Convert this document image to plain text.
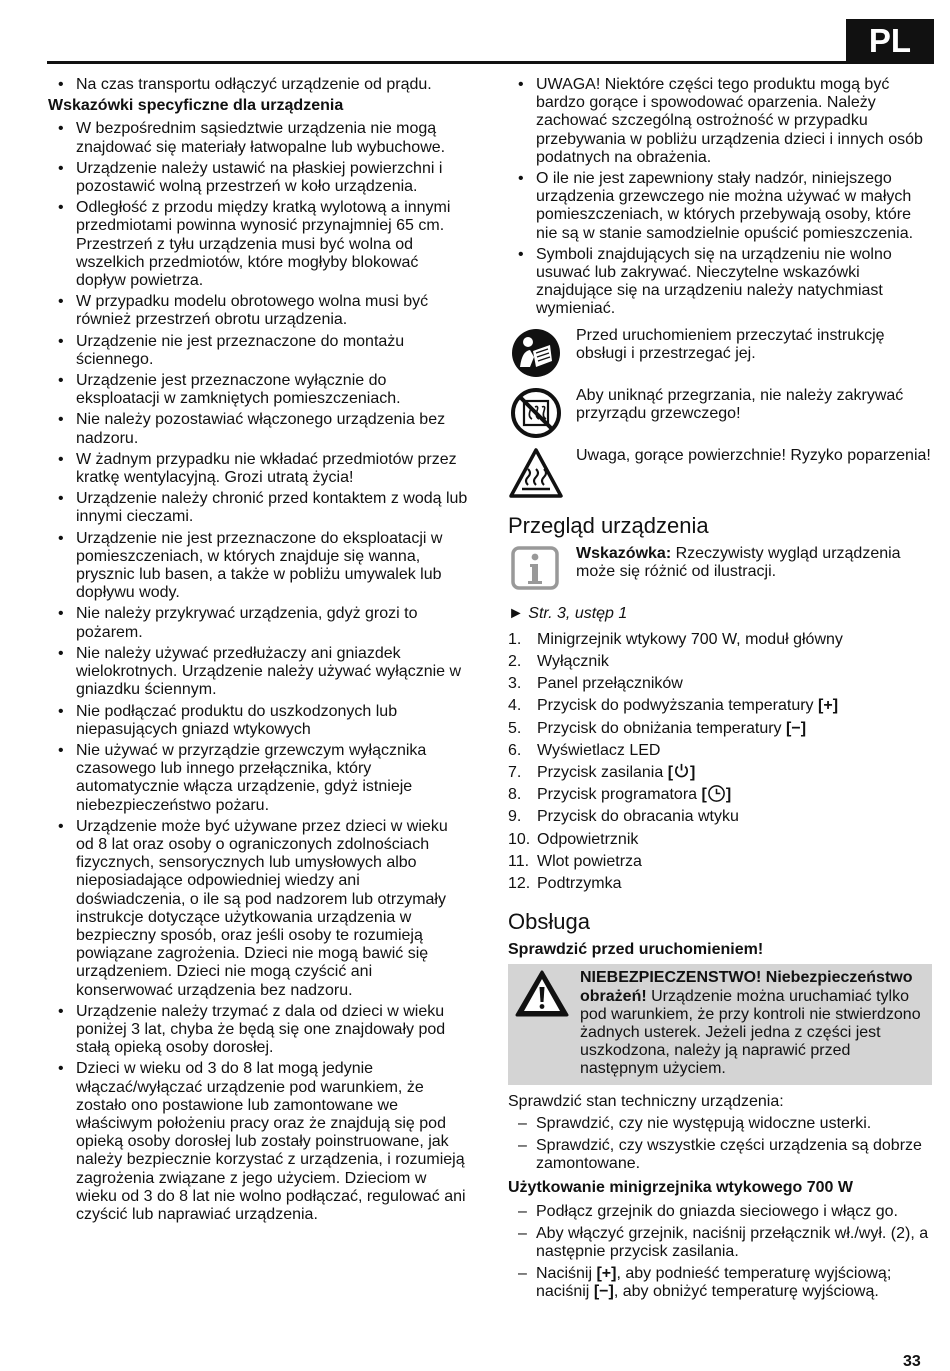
PL
• Na czas transportu odłączyć urządzenie od prądu.
Wskazówki specyficzne dla urządzenia
• W bezpośrednim sąsiedztwie urządzenia nie mogą znajdować się materiały łatwopalne lub wybuchowe.
• Urządzenie należy ustawić na płaskiej powierzchni i pozostawić wolną przestrzeń w koło urządzenia.
• Odległość z przodu między kratką wylotową a innymi przedmiotami powinna wynosić przynajmniej 65 cm. Przestrzeń z tyłu urządzenia musi być wolna od wszelkich przedmiotów, które mogłyby blokować dopływ powietrza.
• W przypadku modelu obrotowego wolna musi być również przestrzeń obrotu urządzenia.
• Urządzenie nie jest przeznaczone do montażu ściennego.
• Urządzenie jest przeznaczone wyłącznie do eksploatacji w zamkniętych pomieszczeniach.
• Nie należy pozostawiać włączonego urządzenia bez nadzoru.
• W żadnym przypadku nie wkładać przedmiotów przez kratkę wentylacyjną. Grozi utratą życia!
• Urządzenie należy chronić przed kontaktem z wodą lub innymi cieczami.
• Urządzenie nie jest przeznaczone do eksploatacji w pomieszczeniach, w których znajduje się wanna, prysznic lub basen, a także w pobliżu umywalek lub dopływu wody.
• Nie należy przykrywać urządzenia, gdyż grozi to pożarem.
• Nie należy używać przedłużaczy ani gniazdek wielokrotnych. Urządzenie należy używać wyłącznie w gniazdku ściennym.
• Nie podłączać produktu do uszkodzonych lub niepasujących gniazd wtykowych
• Nie używać w przyrządzie grzewczym wyłącznika czasowego lub innego przełącznika, który automatycznie włącza urządzenie, gdyż istnieje niebezpieczeństwo pożaru.
• Urządzenie może być używane przez dzieci w wieku od 8 lat oraz osoby o ograniczonych zdolnościach fizycznych, sensorycznych lub umysłowych albo nieposiadające odpowiedniej wiedzy ani doświadczenia, o ile są pod nadzorem lub otrzymały instrukcje dotyczące użytkowania urządzenia w bezpieczny sposób, oraz jeśli osoby te rozumieją powiązane zagrożenia. Dzieci nie mogą bawić się urządzeniem. Dzieci nie mogą czyścić ani konserwować urządzenia bez nadzoru.
• Urządzenie należy trzymać z dala od dzieci w wieku poniżej 3 lat, chyba że będą się one znajdowały pod stałą opieką osoby dorosłej.
• Dzieci w wieku od 3 do 8 lat mogą jedynie włączać/wyłączać urządzenie pod warunkiem, że zostało ono postawione lub zamontowane we właściwym położeniu pracy oraz że znajdują się pod opieką osoby dorosłej lub zostały poinstruowane, jak należy bezpiecznie korzystać z urządzenia, i rozumieją zagrożenia związane z jego użyciem. Dzieciom w wieku od 3 do 8 lat nie wolno podłączać, regulować ani czyścić lub naprawiać urządzenia.
• UWAGA! Niektóre części tego produktu mogą być bardzo gorące i spowodować oparzenia. Należy zachować szczególną ostrożność w przypadku przebywania w pobliżu urządzenia dzieci i innych osób podatnych na obrażenia.
• O ile nie jest zapewniony stały nadzór, niniejszego urządzenia grzewczego nie można używać w małych pomieszczeniach, w których przebywają osoby, które nie są w stanie samodzielnie opuścić pomieszczenia.
• Symboli znajdujących się na urządzeniu nie wolno usuwać lub zakrywać. Nieczytelne wskazówki znajdujące się na urządzeniu należy natychmiast wymieniać.
Przed uruchomieniem przeczytać instrukcję obsługi i przestrzegać jej.
Aby uniknąć przegrzania, nie należy zakrywać przyrządu grzewczego!
Uwaga, gorące powierzchnie! Ryzyko poparzenia!
Przegląd urządzenia
Wskazówka: Rzeczywisty wygląd urządzenia może się różnić od ilustracji.
► Str. 3, ustęp 1
1. Minigrzejnik wtykowy 700 W, moduł główny
2. Wyłącznik
3. Panel przełączników
4. Przycisk do podwyższania temperatury
[+]
5. Przycisk do obniżania temperatury
[−]
6. Wyświetlacz LED
7. Przycisk zasilania
[ ]
8. Przycisk programatora
[ ]
9. Przycisk do obracania wtyku
10. Odpowietrznik
11. Wlot powietrza
12. Podtrzymka
Obsługa
Sprawdzić przed uruchomieniem!
NIEBEZPIECZENSTWO! Niebezpieczeństwo obrażeń! Urządzenie można uruchamiać tylko pod warunkiem, że przy kontroli nie stwierdzono żadnych usterek. Jeżeli jedna z części jest uszkodzona, należy ją naprawić przed następnym użyciem.
Sprawdzić stan techniczny urządzenia:
– Sprawdzić, czy nie występują widoczne usterki.
– Sprawdzić, czy wszystkie części urządzenia są dobrze zamontowane.
Użytkowanie minigrzejnika wtykowego 700 W
– Podłącz grzejnik do gniazda sieciowego i włącz go.
– Aby włączyć grzejnik, naciśnij przełącznik wł./wył. (2), a następnie przycisk zasilania.
– Naciśnij [+], aby podnieść temperaturę wyjściową; naciśnij [−], aby obniżyć temperaturę wyjściową.
33
